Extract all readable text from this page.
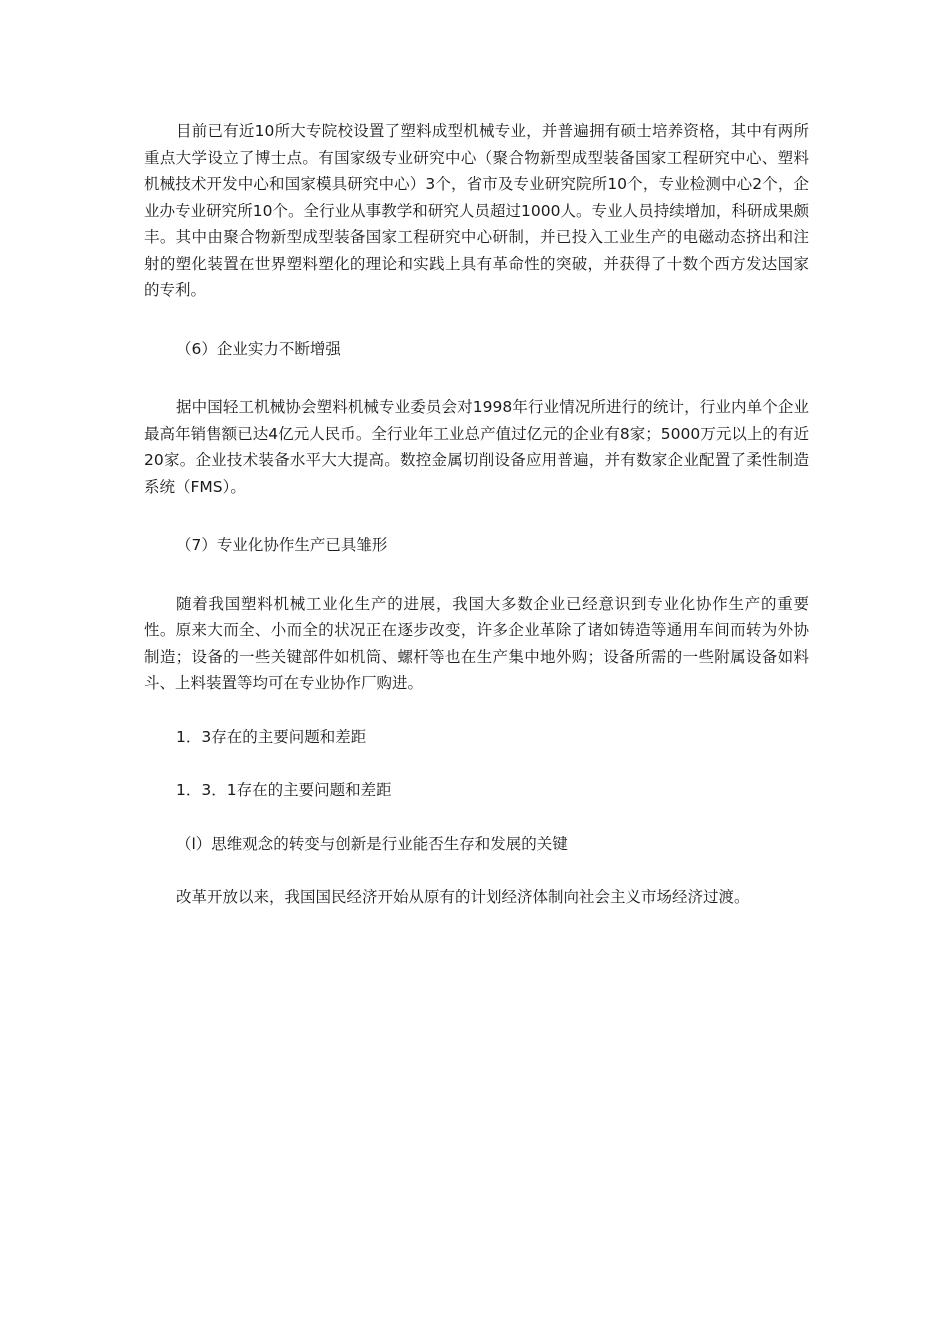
目前已有近10所大专院校设置了塑料成型机械专业，并普遍拥有硕士培养资格，其中有两所重点大学设立了博士点。有国家级专业研究中心（聚合物新型成型装备国家工程研究中心、塑料机械技术开发中心和国家模具研究中心）3个，省市及专业研究院所10个，专业检测中心2个，企业办专业研究所10个。全行业从事教学和研究人员超过1000人。专业人员持续增加，科研成果颇丰。其中由聚合物新型成型装备国家工程研究中心研制，并已投入工业生产的电磁动态挤出和注射的塑化装置在世界塑料塑化的理论和实践上具有革命性的突破，并获得了十数个西方发达国家的专利。

（6）企业实力不断增强

据中国轻工机械协会塑料机械专业委员会对1998年行业情况所进行的统计，行业内单个企业最高年销售额已达4亿元人民币。全行业年工业总产值过亿元的企业有8家；5000万元以上的有近20家。企业技术装备水平大大提高。数控金属切削设备应用普遍，并有数家企业配置了柔性制造系统（FMS）。

（7）专业化协作生产已具雏形

随着我国塑料机械工业化生产的进展，我国大多数企业已经意识到专业化协作生产的重要性。原来大而全、小而全的状况正在逐步改变，许多企业革除了诸如铸造等通用车间而转为外协制造；设备的一些关键部件如机筒、螺杆等也在生产集中地外购；设备所需的一些附属设备如料斗、上料装置等均可在专业协作厂购进。

1．3存在的主要问题和差距

1．3．1存在的主要问题和差距

（l）思维观念的转变与创新是行业能否生存和发展的关键

改革开放以来，我国国民经济开始从原有的计划经济体制向社会主义市场经济过渡。
